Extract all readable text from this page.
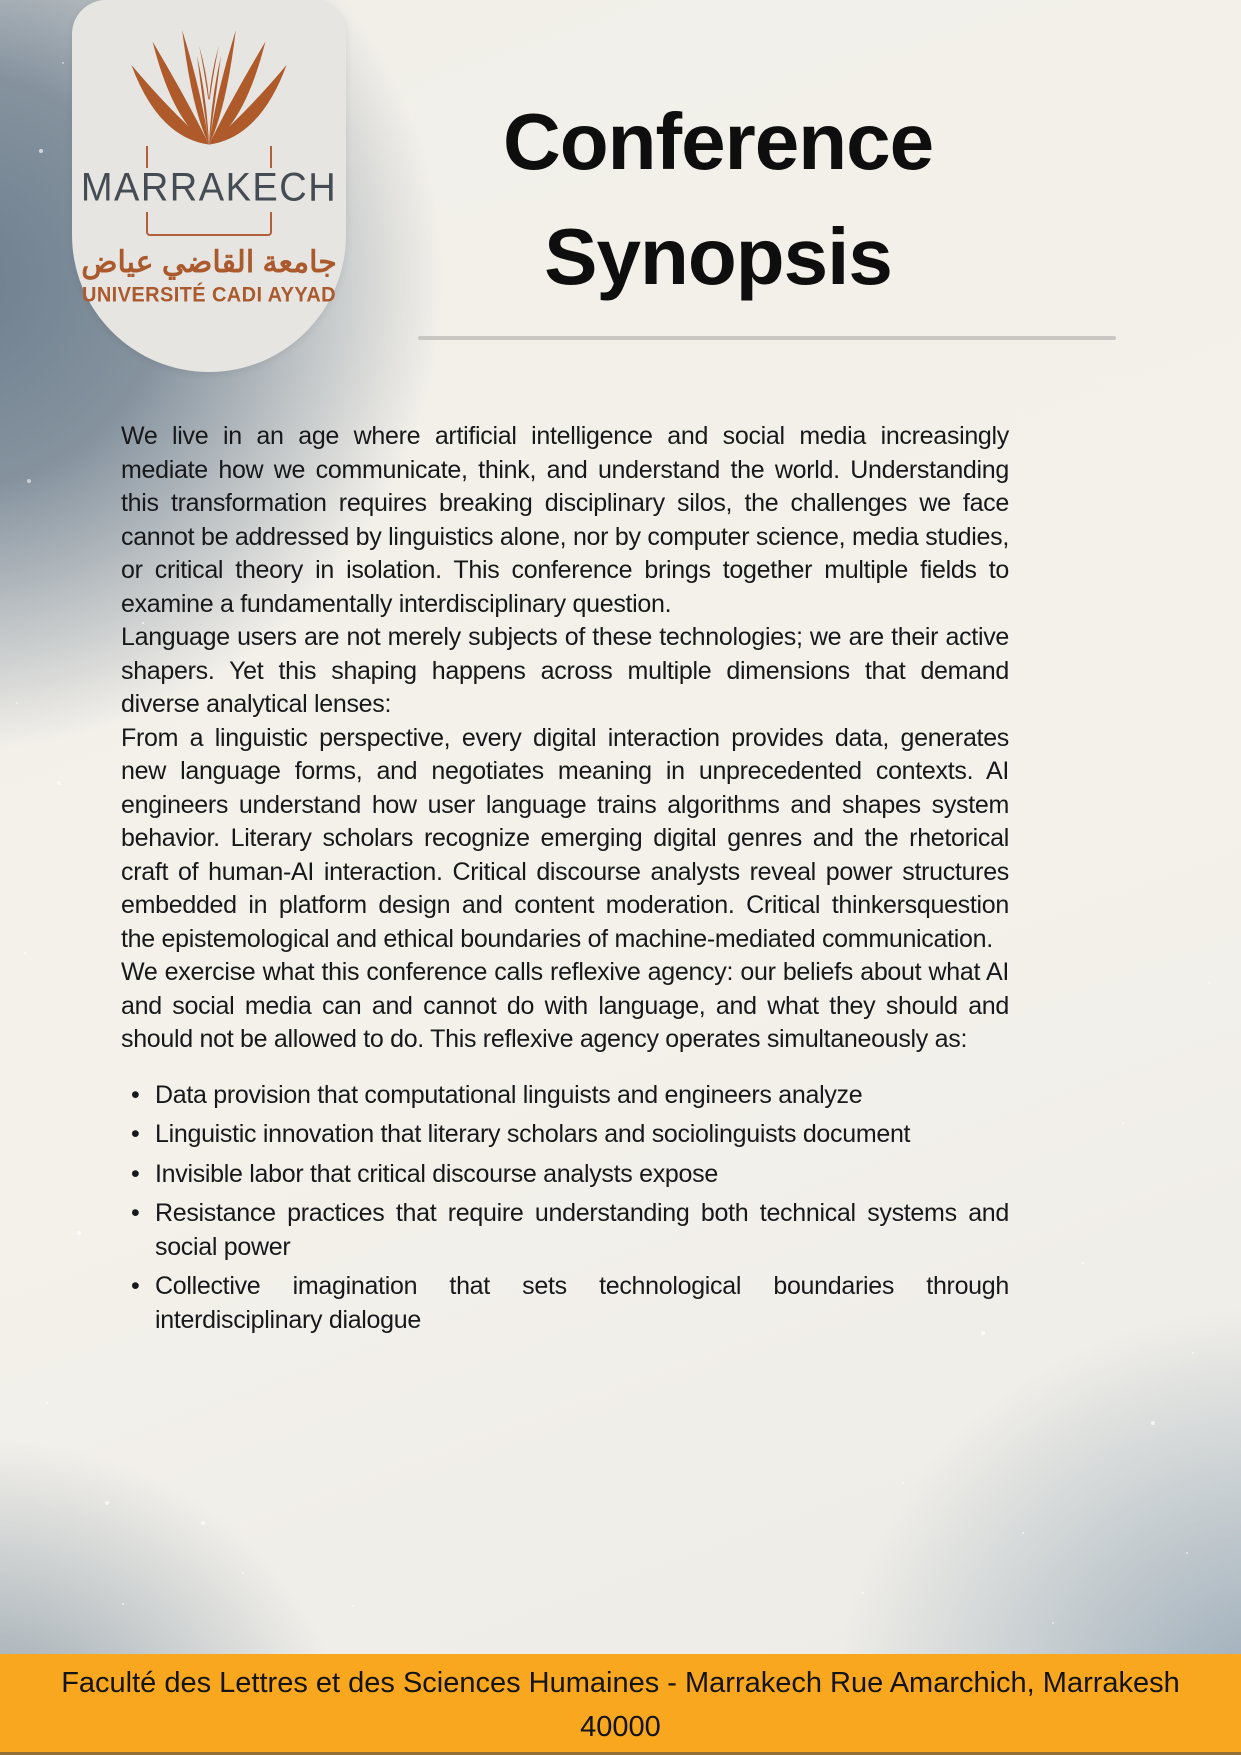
MARRAKECH
جامعة القاضي عياض
UNIVERSITÉ CADI AYYAD
Conference
Synopsis

We live in an age where artificial intelligence and social media increasingly mediate how we communicate, think, and understand the world. Understanding this transformation requires breaking disciplinary silos, the challenges we face cannot be addressed by linguistics alone, nor by computer science, media studies, or critical theory in isolation. This conference brings together multiple fields to examine a fundamentally interdisciplinary question.

Language users are not merely subjects of these technologies; we are their active shapers. Yet this shaping happens across multiple dimensions that demand diverse analytical lenses:

From a linguistic perspective, every digital interaction provides data, generates new language forms, and negotiates meaning in unprecedented contexts. AI engineers understand how user language trains algorithms and shapes system behavior. Literary scholars recognize emerging digital genres and the rhetorical craft of human-AI interaction. Critical discourse analysts reveal power structures embedded in platform design and content moderation. Critical thinkersquestion the epistemological and ethical boundaries of machine-mediated communication.

We exercise what this conference calls reflexive agency: our beliefs about what AI and social media can and cannot do with language, and what they should and should not be allowed to do. This reflexive agency operates simultaneously as:

• Data provision that computational linguists and engineers analyze
• Linguistic innovation that literary scholars and sociolinguists document
• Invisible labor that critical discourse analysts expose
• Resistance practices that require understanding both technical systems and social power
• Collective imagination that sets technological boundaries through interdisciplinary dialogue
Faculté des Lettres et des Sciences Humaines - Marrakech Rue Amarchich, Marrakesh 40000
